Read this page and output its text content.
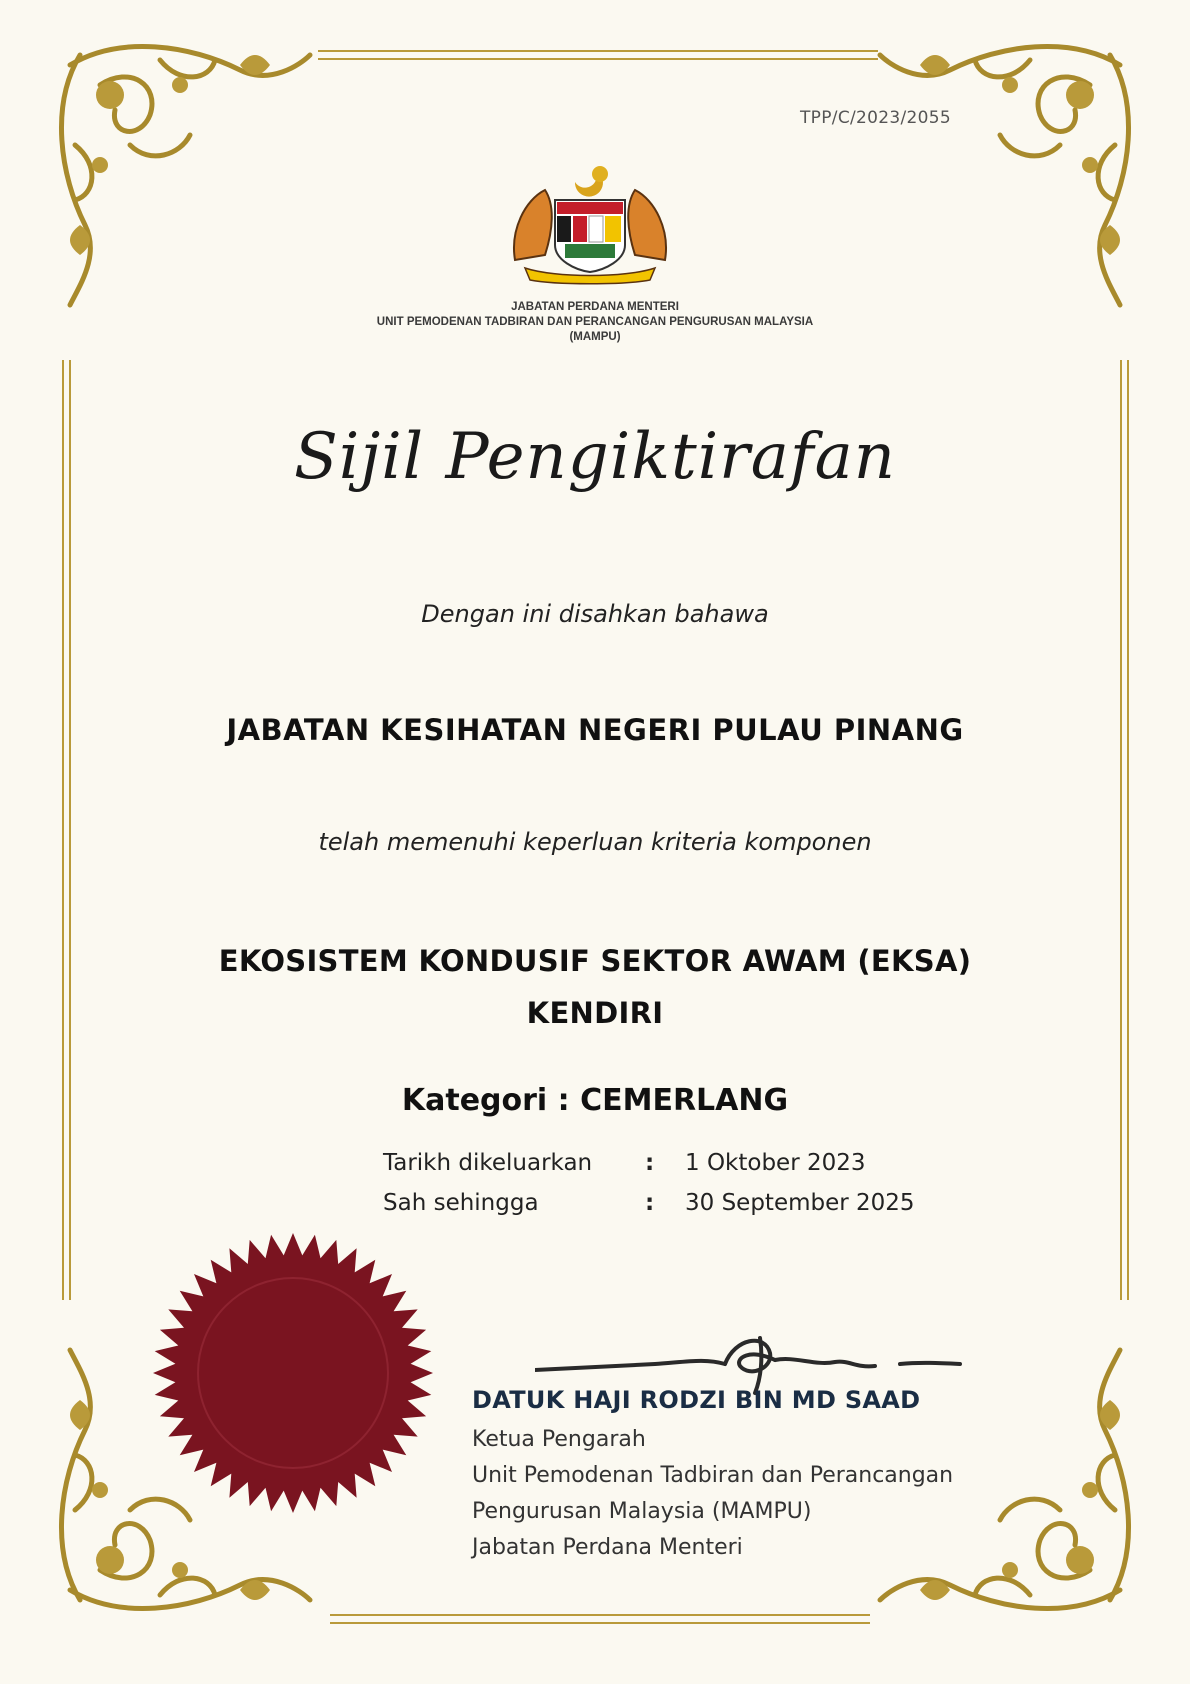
TPP/C/2023/2055
JABATAN PERDANA MENTERI
UNIT PEMODENAN TADBIRAN DAN PERANCANGAN PENGURUSAN MALAYSIA
(MAMPU)
Sijil Pengiktirafan
Dengan ini disahkan bahawa
JABATAN KESIHATAN NEGERI PULAU PINANG
telah memenuhi keperluan kriteria komponen
EKOSISTEM KONDUSIF SEKTOR AWAM (EKSA)
KENDIRI
Kategori : CEMERLANG
Tarikh dikeluarkan	:	1 Oktober 2023
Sah sehingga	:	30 September 2025
DATUK HAJI RODZI BIN MD SAAD
Ketua Pengarah
Unit Pemodenan Tadbiran dan Perancangan
Pengurusan Malaysia (MAMPU)
Jabatan Perdana Menteri
